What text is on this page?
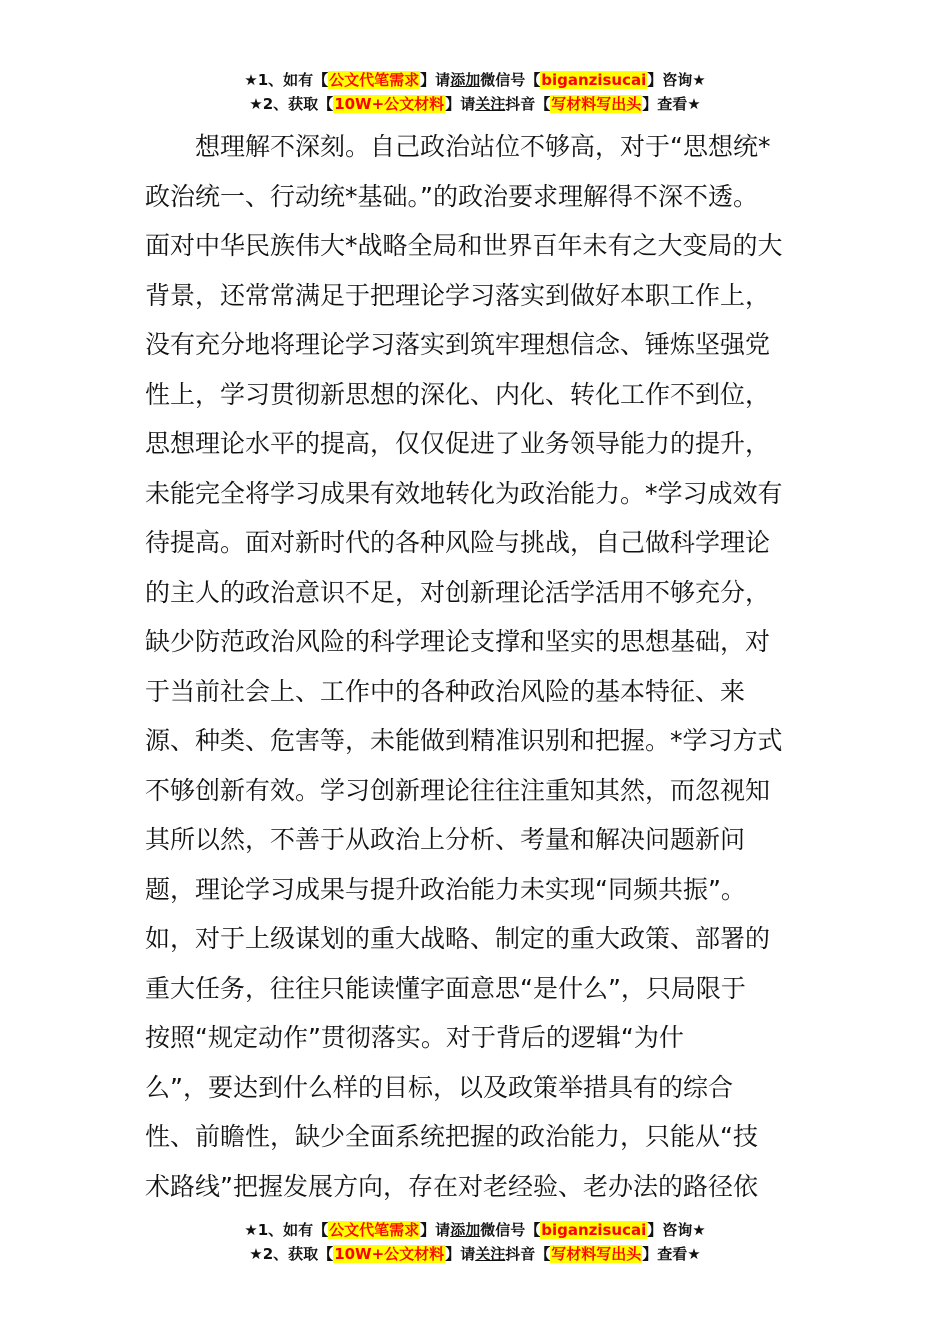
★1、如有【公文代笔需求】请添加微信号【biganzisucai】咨询★
★2、获取【10W+公文材料】请关注抖音【写材料写出头】查看★
想理解不深刻。自己政治站位不够高，对于“思想统*
政治统一、行动统*基础。”的政治要求理解得不深不透。
面对中华民族伟大*战略全局和世界百年未有之大变局的大
背景，还常常满足于把理论学习落实到做好本职工作上，
没有充分地将理论学习落实到筑牢理想信念、锤炼坚强党
性上，学习贯彻新思想的深化、内化、转化工作不到位，
思想理论水平的提高，仅仅促进了业务领导能力的提升，
未能完全将学习成果有效地转化为政治能力。*学习成效有
待提高。面对新时代的各种风险与挑战，自己做科学理论
的主人的政治意识不足，对创新理论活学活用不够充分，
缺少防范政治风险的科学理论支撑和坚实的思想基础，对
于当前社会上、工作中的各种政治风险的基本特征、来
源、种类、危害等，未能做到精准识别和把握。*学习方式
不够创新有效。学习创新理论往往注重知其然，而忽视知
其所以然，不善于从政治上分析、考量和解决问题新问
题，理论学习成果与提升政治能力未实现“同频共振”。
如，对于上级谋划的重大战略、制定的重大政策、部署的
重大任务，往往只能读懂字面意思“是什么”，只局限于
按照“规定动作”贯彻落实。对于背后的逻辑“为什
么”，要达到什么样的目标，以及政策举措具有的综合
性、前瞻性，缺少全面系统把握的政治能力，只能从“技
术路线”把握发展方向，存在对老经验、老办法的路径依
★1、如有【公文代笔需求】请添加微信号【biganzisucai】咨询★
★2、获取【10W+公文材料】请关注抖音【写材料写出头】查看★
